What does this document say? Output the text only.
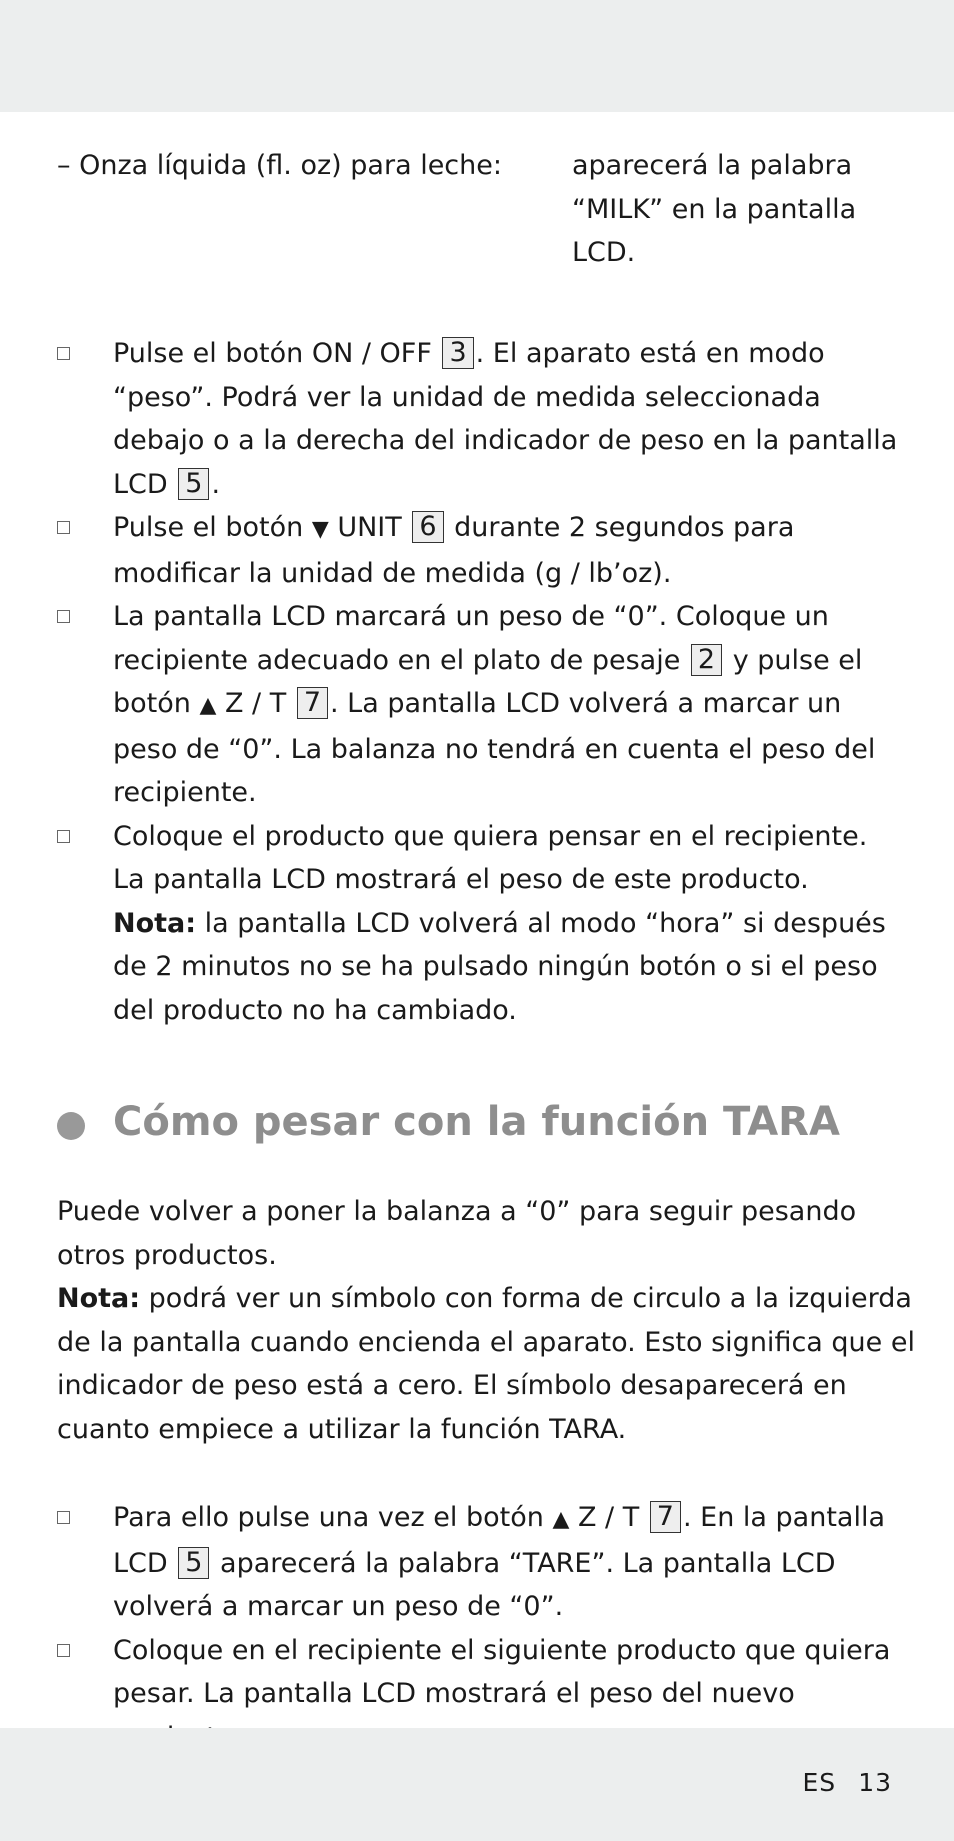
– Onza líquida (fl. oz) para leche:	aparecerá la palabra “MILK” en la pantalla LCD.
Pulse el botón ON / OFF 3 . El aparato está en modo “peso”. Podrá ver la unidad de medida seleccionada debajo o a la derecha del indicador de peso en la pantalla LCD 5 .
Pulse el botón ▼ UNIT 6 durante 2 segundos para modificar la unidad de medida (g / lb’oz).
La pantalla LCD marcará un peso de “0”. Coloque un recipiente adecuado en el plato de pesaje 2 y pulse el botón ▲ Z / T 7 . La pantalla LCD volverá a marcar un peso de “0”. La balanza no tendrá en cuenta el peso del recipiente.
Coloque el producto que quiera pensar en el recipiente. La pantalla LCD mostrará el peso de este producto.
Nota: la pantalla LCD volverá al modo “hora” si después de 2 minutos no se ha pulsado ningún botón o si el peso del producto no ha cambiado.
Cómo pesar con la función TARA
Puede volver a poner la balanza a “0” para seguir pesando otros productos.
Nota: podrá ver un símbolo con forma de circulo a la izquierda de la pantalla cuando encienda el aparato. Esto significa que el indicador de peso está a cero. El símbolo desaparecerá en cuanto empiece a utilizar la función TARA.
Para ello pulse una vez el botón ▲ Z / T 7 . En la pantalla LCD 5 aparecerá la palabra “TARE”. La pantalla LCD volverá a marcar un peso de “0”.
Coloque en el recipiente el siguiente producto que quiera pesar. La pantalla LCD mostrará el peso del nuevo
ES 13
